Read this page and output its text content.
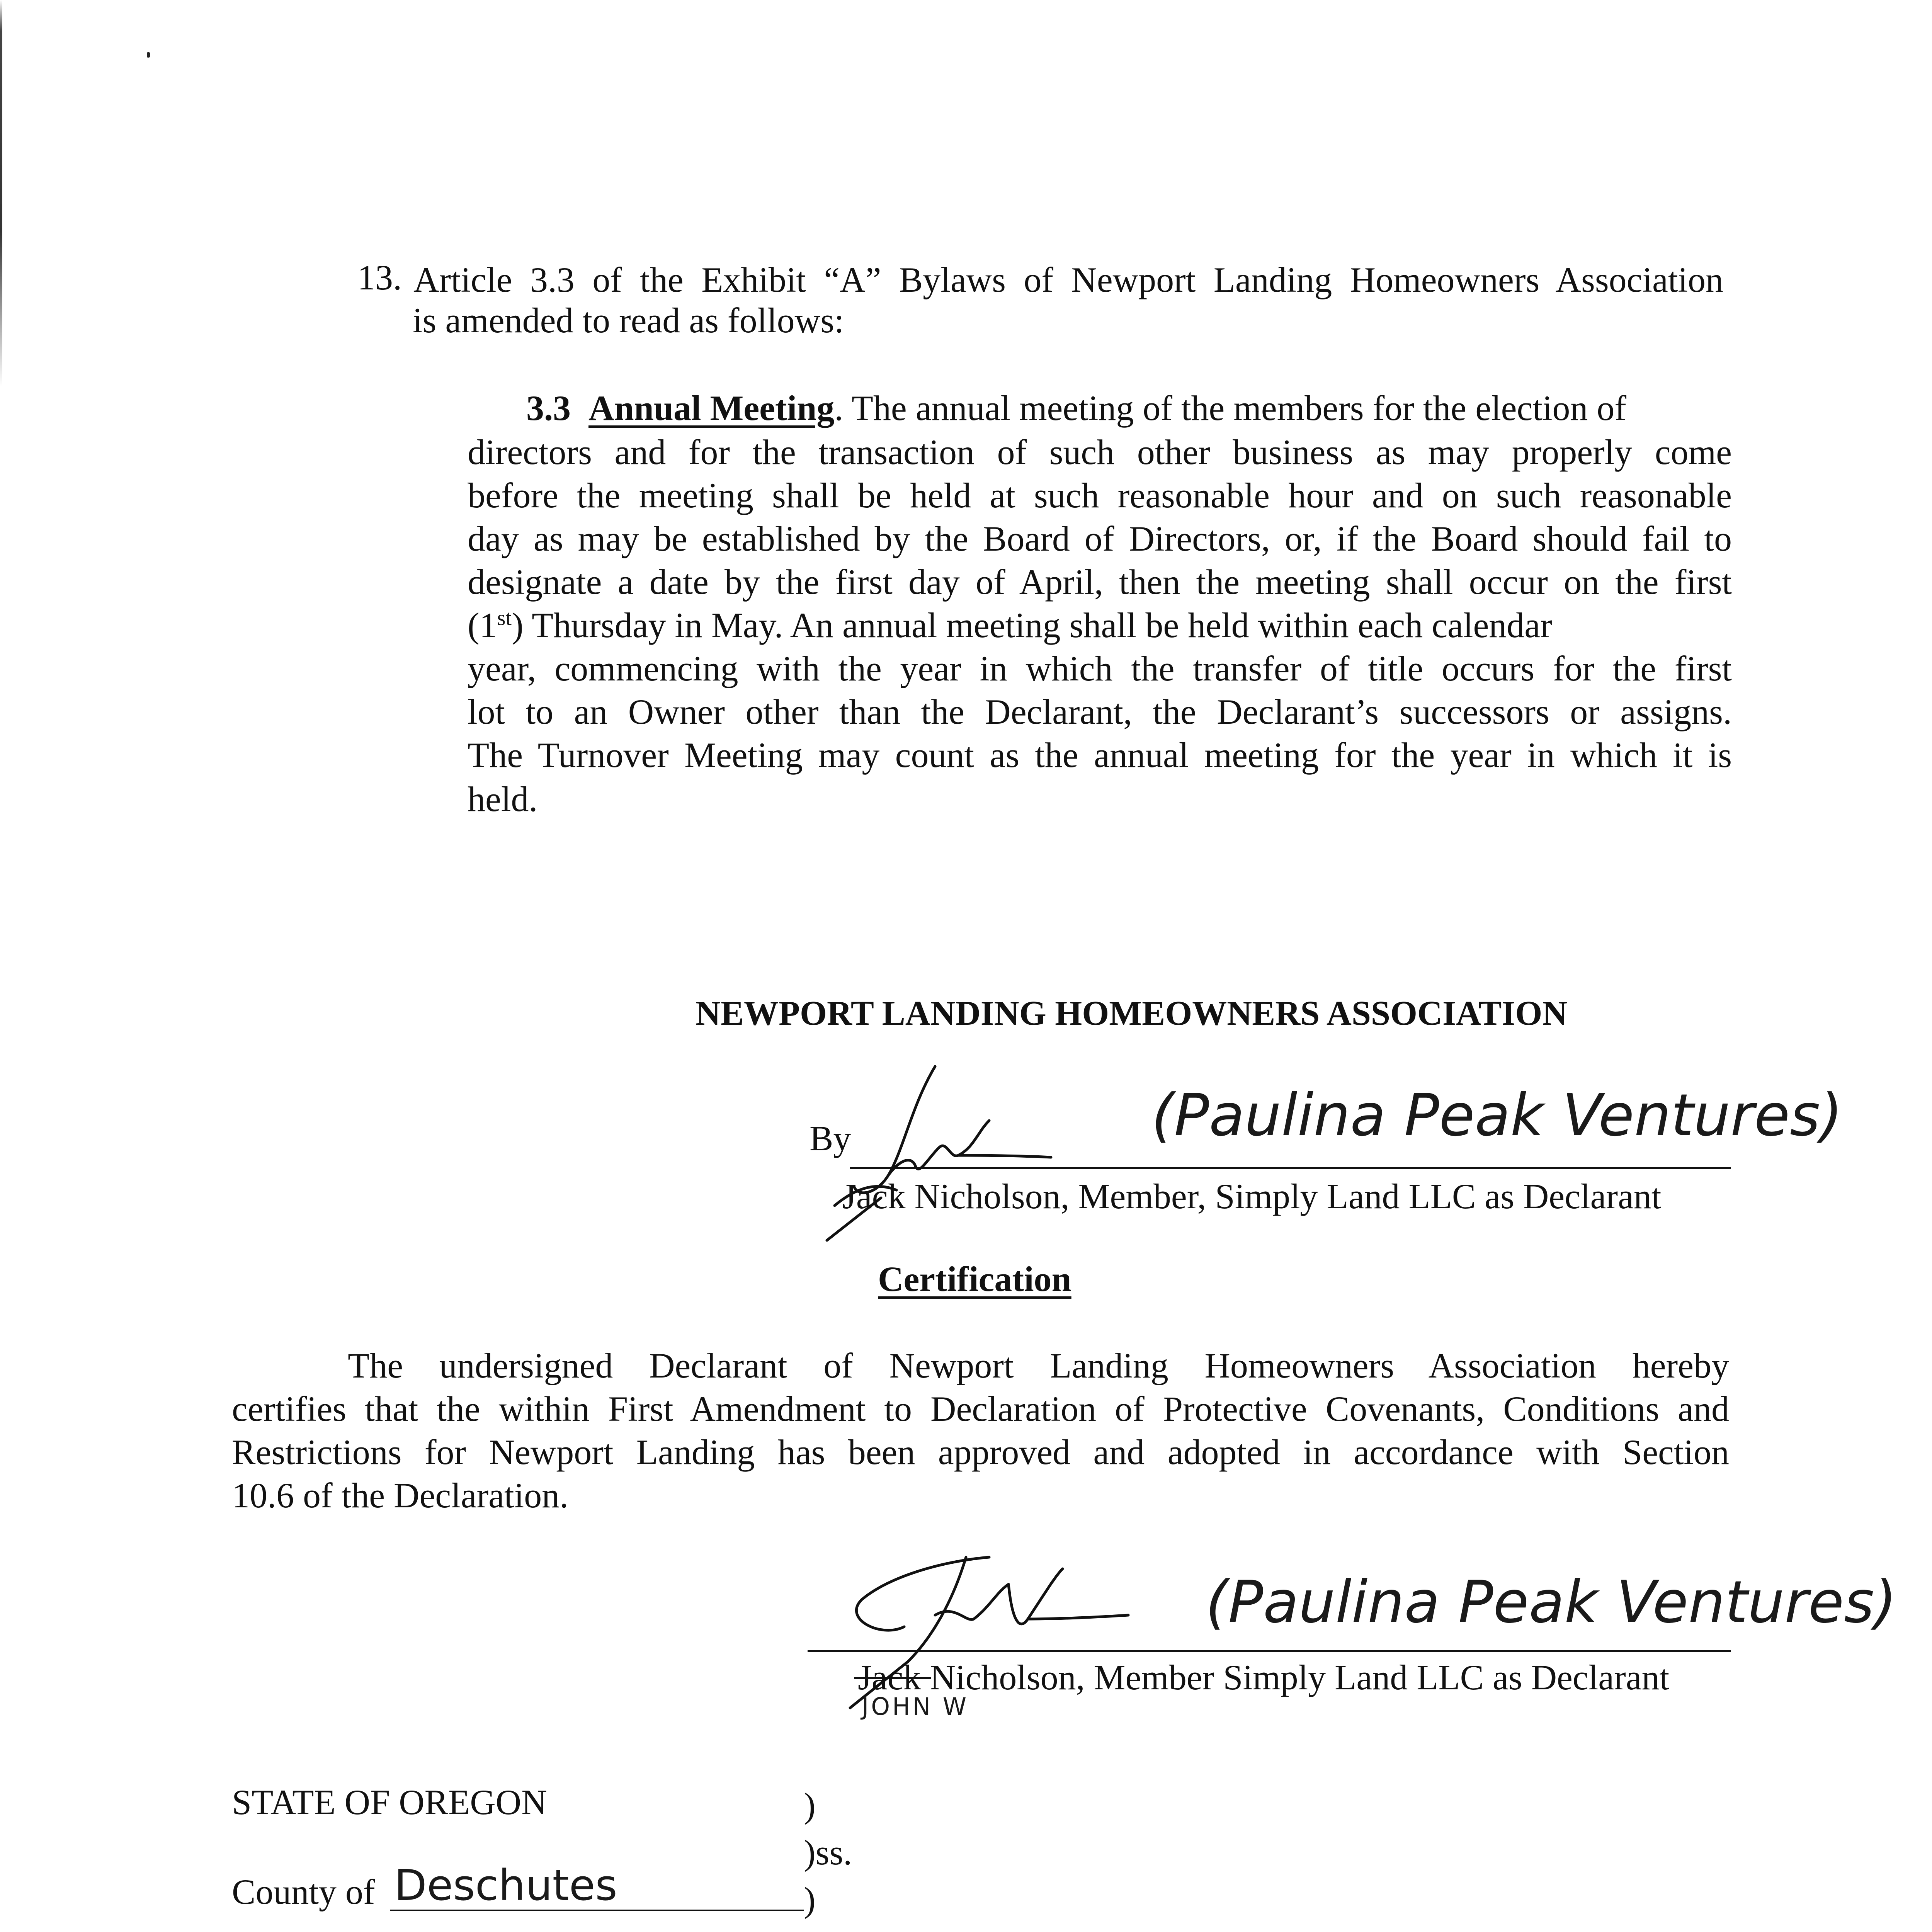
13. Article 3.3 of the Exhibit “A” Bylaws of Newport Landing Homeowners Association
is amended to read as follows:
3.3 Annual Meeting. The annual meeting of the members for the election of
directors and for the transaction of such other business as may properly come
before the meeting shall be held at such reasonable hour and on such reasonable
day as may be established by the Board of Directors, or, if the Board should fail to
designate a date by the first day of April, then the meeting shall occur on the first
(1st) Thursday in May. An annual meeting shall be held within each calendar
year, commencing with the year in which the transfer of title occurs for the first
lot to an Owner other than the Declarant, the Declarant’s successors or assigns.
The Turnover Meeting may count as the annual meeting for the year in which it is
held.
NEWPORT LANDING HOMEOWNERS ASSOCIATION
By	(Paulina Peak Ventures)
Jack Nicholson, Member, Simply Land LLC as Declarant
Certification
The undersigned Declarant of Newport Landing Homeowners Association hereby
certifies that the within First Amendment to Declaration of Protective Covenants, Conditions and
Restrictions for Newport Landing has been approved and adopted in accordance with Section
10.6 of the Declaration.
(Paulina Peak Ventures)
Jack Nicholson, Member Simply Land LLC as Declarant
JOHN W
STATE OF OREGON	)
)ss.
County of Deschutes	)
